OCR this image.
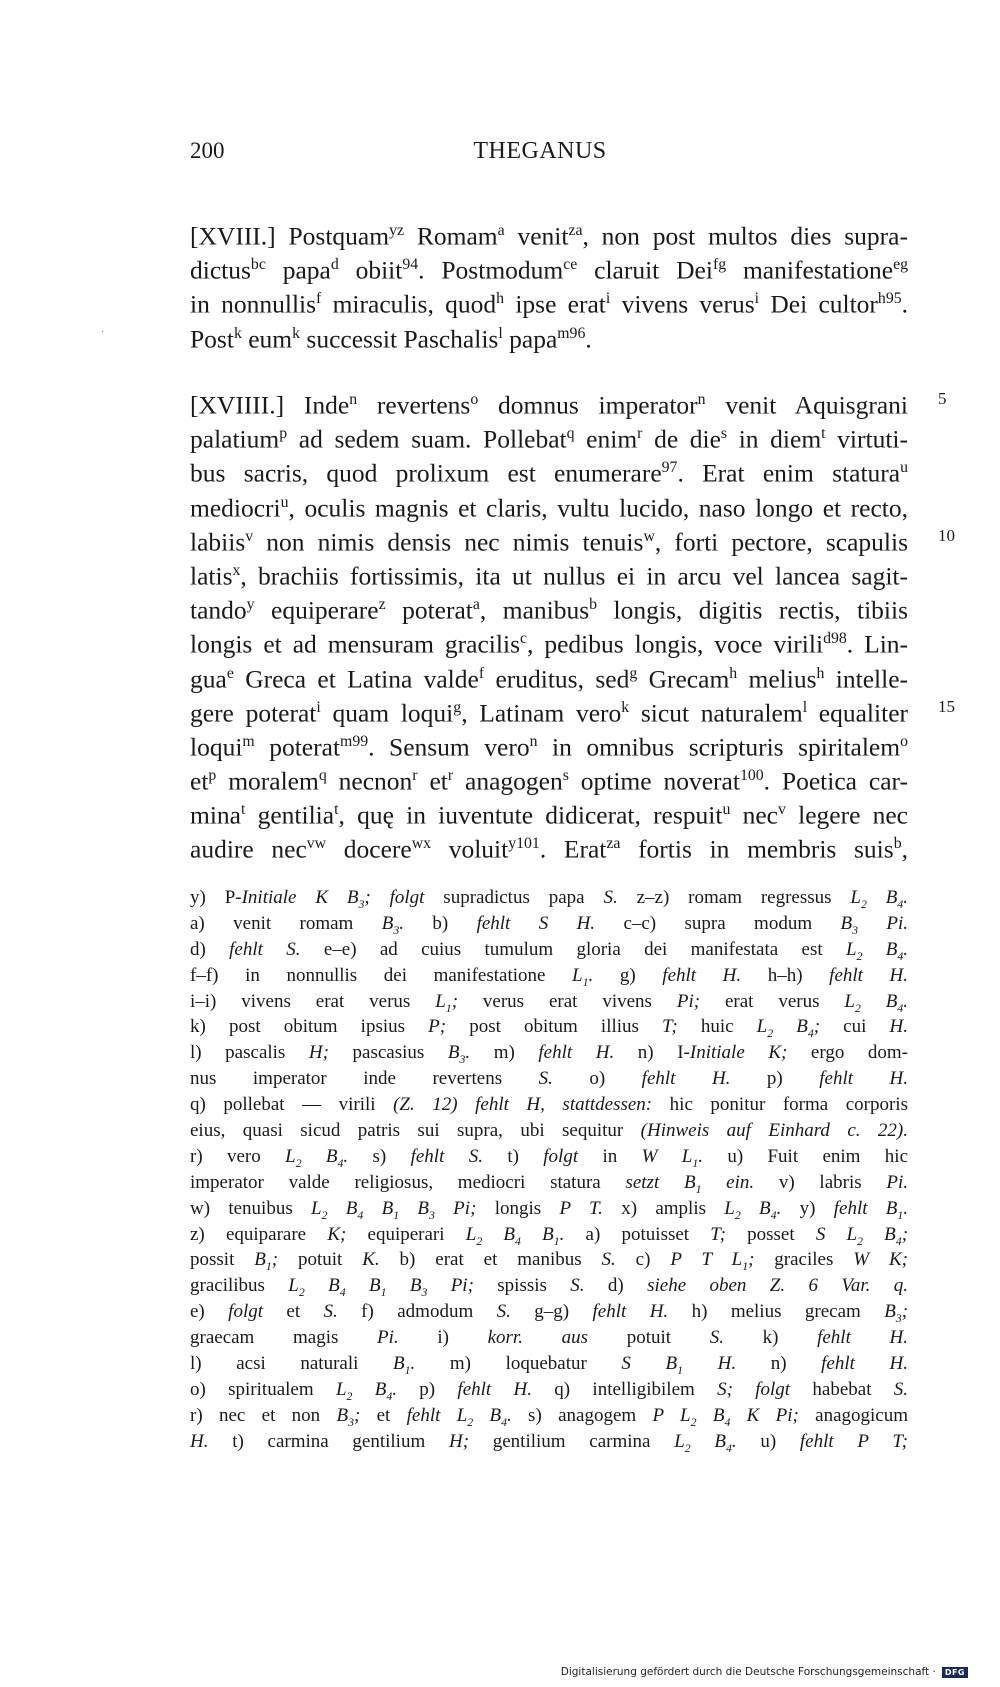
200	THEGANUS
·
[XVIII.] Postquam$^{yz}$ Romam$^a$ venit$^{za}$, non post multos dies supra-
dictus$^{bc}$ papa$^d$ obiit$^{94}$. Postmodum$^{ce}$ claruit Dei$^{fg}$ manifestatione$^{eg}$
in nonnullis$^f$ miraculis, quod$^h$ ipse erat$^i$ vivens verus$^i$ Dei cultor$^{h95}$.
Post$^k$ eum$^k$ successit Paschalis$^l$ papa$^{m96}$.
[XVIIII.] Inde$^n$ revertens$^o$ domnus imperator$^n$ venit Aquisgrani
palatium$^p$ ad sedem suam. Pollebat$^q$ enim$^r$ de die$^s$ in diem$^t$ virtuti-
bus sacris, quod prolixum est enumerare$^{97}$. Erat enim statura$^u$
mediocri$^u$, oculis magnis et claris, vultu lucido, naso longo et recto,
labiis$^v$ non nimis densis nec nimis tenuis$^w$, forti pectore, scapulis
latis$^x$, brachiis fortissimis, ita ut nullus ei in arcu vel lancea sagit-
tando$^y$ equiperare$^z$ poterat$^a$, manibus$^b$ longis, digitis rectis, tibiis
longis et ad mensuram gracilis$^c$, pedibus longis, voce virili$^{d98}$. Lin-
gua$^e$ Greca et Latina valde$^f$ eruditus, sed$^g$ Grecam$^h$ melius$^h$ intelle-
gere poterat$^i$ quam loqui$^g$, Latinam vero$^k$ sicut naturalem$^l$ equaliter
loqui$^m$ poterat$^{m99}$. Sensum vero$^n$ in omnibus scripturis spiritalem$^o$
$et^p$ moralem$^q$ necnon$^r$ $et^r$ anagogen$^s$ optime noverat$^{100}$. Poetica car-
mina$^t$ gentilia$^t$, quę in iuventute didicerat, respuit$^u$ nec$^v$ legere nec
audire nec$^{vw}$ docere$^{wx}$ voluit$^{y101}$. Erat$^{za}$ fortis in membris suis$^b$,
5
10
15
y) P-Initiale K $B_3$; folgt supradictus papa S. z–z) romam regressus $L_2$ $B_4$.
a) venit romam $B_3$. b) fehlt S H. c–c) supra modum $B_3$ Pi.
d) fehlt S. e–e) ad cuius tumulum gloria dei manifestata est $L_2$ $B_4$.
f–f) in nonnullis dei manifestatione $L_1$. g) fehlt H. h–h) fehlt H.
i–i) vivens erat verus $L_1$; verus erat vivens Pi; erat verus $L_2$ $B_4$.
k) post obitum ipsius P; post obitum illius T; huic $L_2$ $B_4$; cui H.
l) pascalis H; pascasius $B_3$. m) fehlt H. n) I-Initiale K; ergo dom-
nus imperator inde revertens S. o) fehlt H. p) fehlt H.
q) pollebat — virili (Z. 12) fehlt H, stattdessen: hic ponitur forma corporis
eius, quasi sicud patris sui supra, ubi sequitur (Hinweis auf Einhard c. 22).
r) vero $L_2$ $B_4$. s) fehlt S. t) folgt in W $L_1$. u) Fuit enim hic
imperator valde religiosus, mediocri statura setzt $B_1$ ein. v) labris Pi.
w) tenuibus $L_2$ $B_4$ $B_1$ $B_3$ Pi; longis P T. x) amplis $L_2$ $B_4$. y) fehlt $B_1$.
z) equiparare K; equiperari $L_2$ $B_4$ $B_1$. a) potuisset T; posset S $L_2$ $B_4$;
possit $B_1$; potuit K. b) erat et manibus S. c) P T $L_1$; graciles W K;
gracilibus $L_2$ $B_4$ $B_1$ $B_3$ Pi; spissis S. d) siehe oben Z. 6 Var. q.
e) folgt et S. f) admodum S. g–g) fehlt H. h) melius grecam $B_3$;
graecam magis Pi. i) korr. aus potuit S. k) fehlt H.
l) acsi naturali $B_1$. m) loquebatur S $B_1$ H. n) fehlt H.
o) spiritualem $L_2$ $B_4$. p) fehlt H. q) intelligibilem S; folgt habebat S.
r) nec et non $B_3$; et fehlt $L_2$ $B_4$. s) anagogem P $L_2$ $B_4$ K Pi; anagogicum
H. t) carmina gentilium H; gentilium carmina $L_2$ $B_4$. u) fehlt P T;
Digitalisierung gefördert durch die Deutsche Forschungsgemeinschaft ·	DFG
